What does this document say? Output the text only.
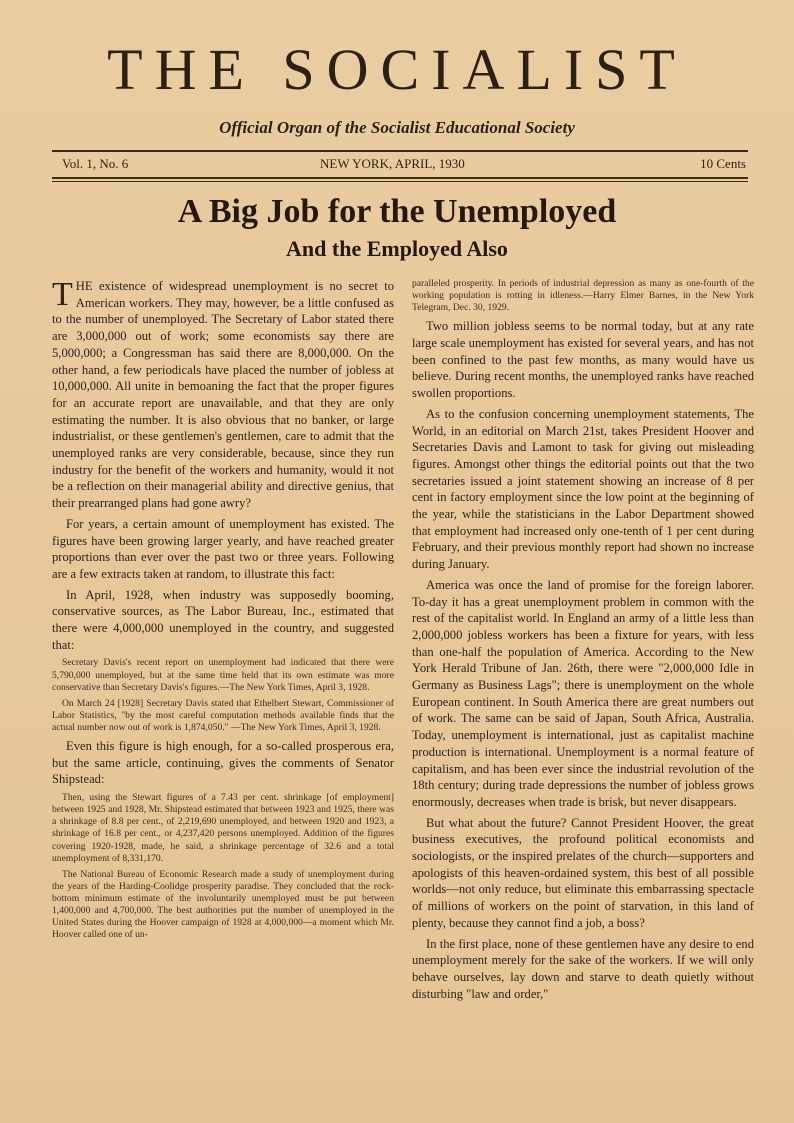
THE SOCIALIST
Official Organ of the Socialist Educational Society
Vol. 1, No. 6	NEW YORK, APRIL, 1930	10 Cents
A Big Job for the Unemployed
And the Employed Also

THE existence of widespread unemployment is no secret to American workers. They may, however, be a little confused as to the number of unemployed. The Secretary of Labor stated there are 3,000,000 out of work; some economists say there are 5,000,000; a Congressman has said there are 8,000,000. On the other hand, a few periodicals have placed the number of jobless at 10,000,000. All unite in bemoaning the fact that the proper figures for an accurate report are unavailable, and that they are only estimating the number. It is also obvious that no banker, or large industrialist, or these gentlemen's gentlemen, care to admit that the unemployed ranks are very considerable, because, since they run industry for the benefit of the workers and humanity, would it not be a reflection on their managerial ability and directive genius, that their prearranged plans had gone awry?

For years, a certain amount of unemployment has existed. The figures have been growing larger yearly, and have reached greater proportions than ever over the past two or three years. Following are a few extracts taken at random, to illustrate this fact:

In April, 1928, when industry was supposedly booming, conservative sources, as The Labor Bureau, Inc., estimated that there were 4,000,000 unemployed in the country, and suggested that:

Secretary Davis's recent report on unemployment had indicated that there were 5,790,000 unemployed, but at the same time held that its own estimate was more conservative than Secretary Davis's figures.—The New York Times, April 3, 1928.

On March 24 [1928] Secretary Davis stated that Ethelbert Stewart, Commissioner of Labor Statistics, "by the most careful computation methods available finds that the actual number now out of work is 1,874,050." —The New York Times, April 3, 1928.

Even this figure is high enough, for a so-called prosperous era, but the same article, continuing, gives the comments of Senator Shipstead:

Then, using the Stewart figures of a 7.43 per cent. shrinkage [of employment] between 1925 and 1928, Mr. Shipstead estimated that between 1923 and 1925, there was a shrinkage of 8.8 per cent., of 2,219,690 unemployed, and between 1920 and 1923, a shrinkage of 16.8 per cent., or 4,237,420 persons unemployed. Addition of the figures covering 1920-1928, made, he said, a shrinkage percentage of 32.6 and a total unemployment of 8,331,170.

The National Bureau of Economic Research made a study of unemployment during the years of the Harding-Coolidge prosperity paradise. They concluded that the rock-bottom minimum estimate of the involuntarily unemployed must be put between 1,400,000 and 4,700,000. The best authorities put the number of unemployed in the United States during the Hoover campaign of 1928 at 4,000,000—a moment which Mr. Hoover called one of un-

paralleled prosperity. In periods of industrial depression as many as one-fourth of the working population is rotting in idleness.—Harry Elmer Barnes, in the New York Telegram, Dec. 30, 1929.

Two million jobless seems to be normal today, but at any rate large scale unemployment has existed for several years, and has not been confined to the past few months, as many would have us believe. During recent months, the unemployed ranks have reached swollen proportions.

As to the confusion concerning unemployment statements, The World, in an editorial on March 21st, takes President Hoover and Secretaries Davis and Lamont to task for giving out misleading figures. Amongst other things the editorial points out that the two secretaries issued a joint statement showing an increase of 8 per cent in factory employment since the low point at the beginning of the year, while the statisticians in the Labor Department showed that employment had increased only one-tenth of 1 per cent during February, and their previous monthly report had shown no increase during January.

America was once the land of promise for the foreign laborer. To-day it has a great unemployment problem in common with the rest of the capitalist world. In England an army of a little less than 2,000,000 jobless workers has been a fixture for years, with less than one-half the population of America. According to the New York Herald Tribune of Jan. 26th, there were "2,000,000 Idle in Germany as Business Lags"; there is unemployment on the whole European continent. In South America there are great numbers out of work. The same can be said of Japan, South Africa, Australia. Today, unemployment is international, just as capitalist machine production is international. Unemployment is a normal feature of capitalism, and has been ever since the industrial revolution of the 18th century; during trade depressions the number of jobless grows enormously, decreases when trade is brisk, but never disappears.

But what about the future? Cannot President Hoover, the great business executives, the profound political economists and sociologists, or the inspired prelates of the church—supporters and apologists of this heaven-ordained system, this best of all possible worlds—not only reduce, but eliminate this embarrassing spectacle of millions of workers on the point of starvation, in this land of plenty, because they cannot find a job, a boss?

In the first place, none of these gentlemen have any desire to end unemployment merely for the sake of the workers. If we will only behave ourselves, lay down and starve to death quietly without disturbing "law and order,"
